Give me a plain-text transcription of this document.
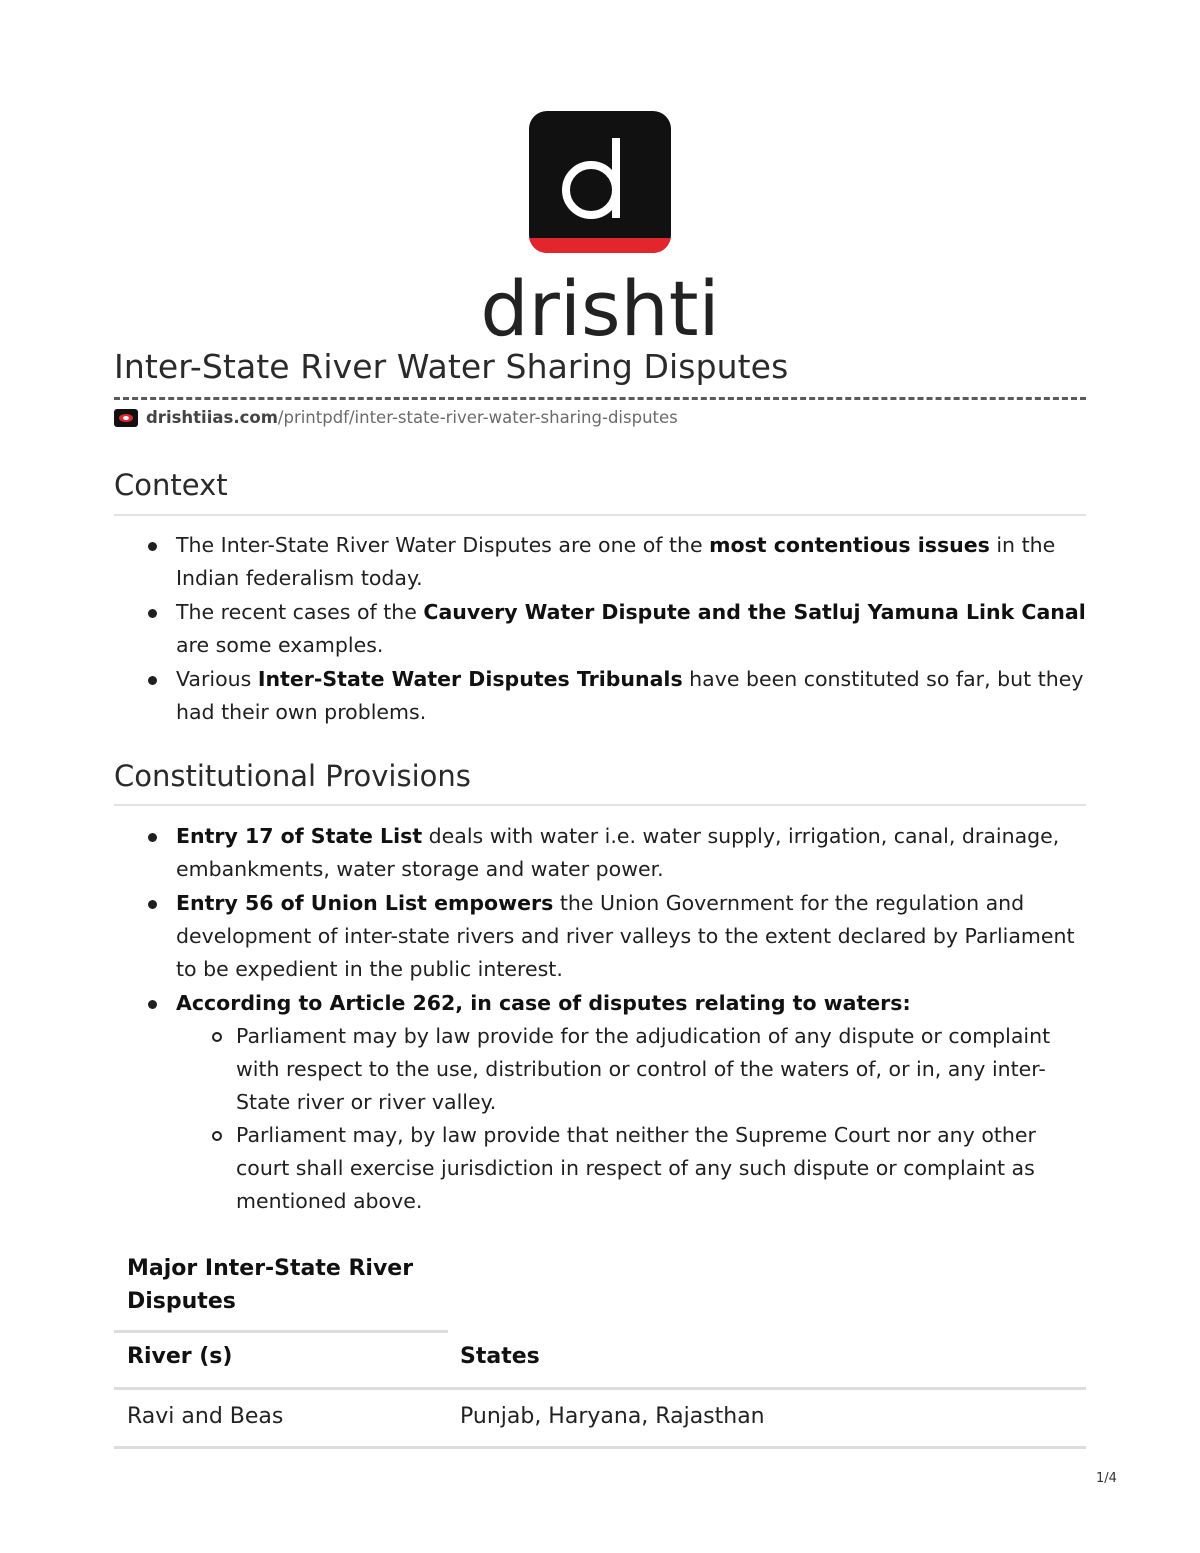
drishti
Inter-State River Water Sharing Disputes
drishtiias.com /printpdf/inter-state-river-water-sharing-disputes
Context
The Inter-State River Water Disputes are one of the most contentious issues in the Indian federalism today.
The recent cases of the Cauvery Water Dispute and the Satluj Yamuna Link Canal are some examples.
Various Inter-State Water Disputes Tribunals have been constituted so far, but they had their own problems.
Constitutional Provisions
Entry 17 of State List deals with water i.e. water supply, irrigation, canal, drainage, embankments, water storage and water power.
Entry 56 of Union List empowers the Union Government for the regulation and development of inter-state rivers and river valleys to the extent declared by Parliament to be expedient in the public interest.
According to Article 262, in case of disputes relating to waters:
Parliament may by law provide for the adjudication of any dispute or complaint with respect to the use, distribution or control of the waters of, or in, any inter-State river or river valley.
Parliament may, by law provide that neither the Supreme Court nor any other court shall exercise jurisdiction in respect of any such dispute or complaint as mentioned above.
Major Inter-State River Disputes
River (s)	States
Ravi and Beas	Punjab, Haryana, Rajasthan
1/4
